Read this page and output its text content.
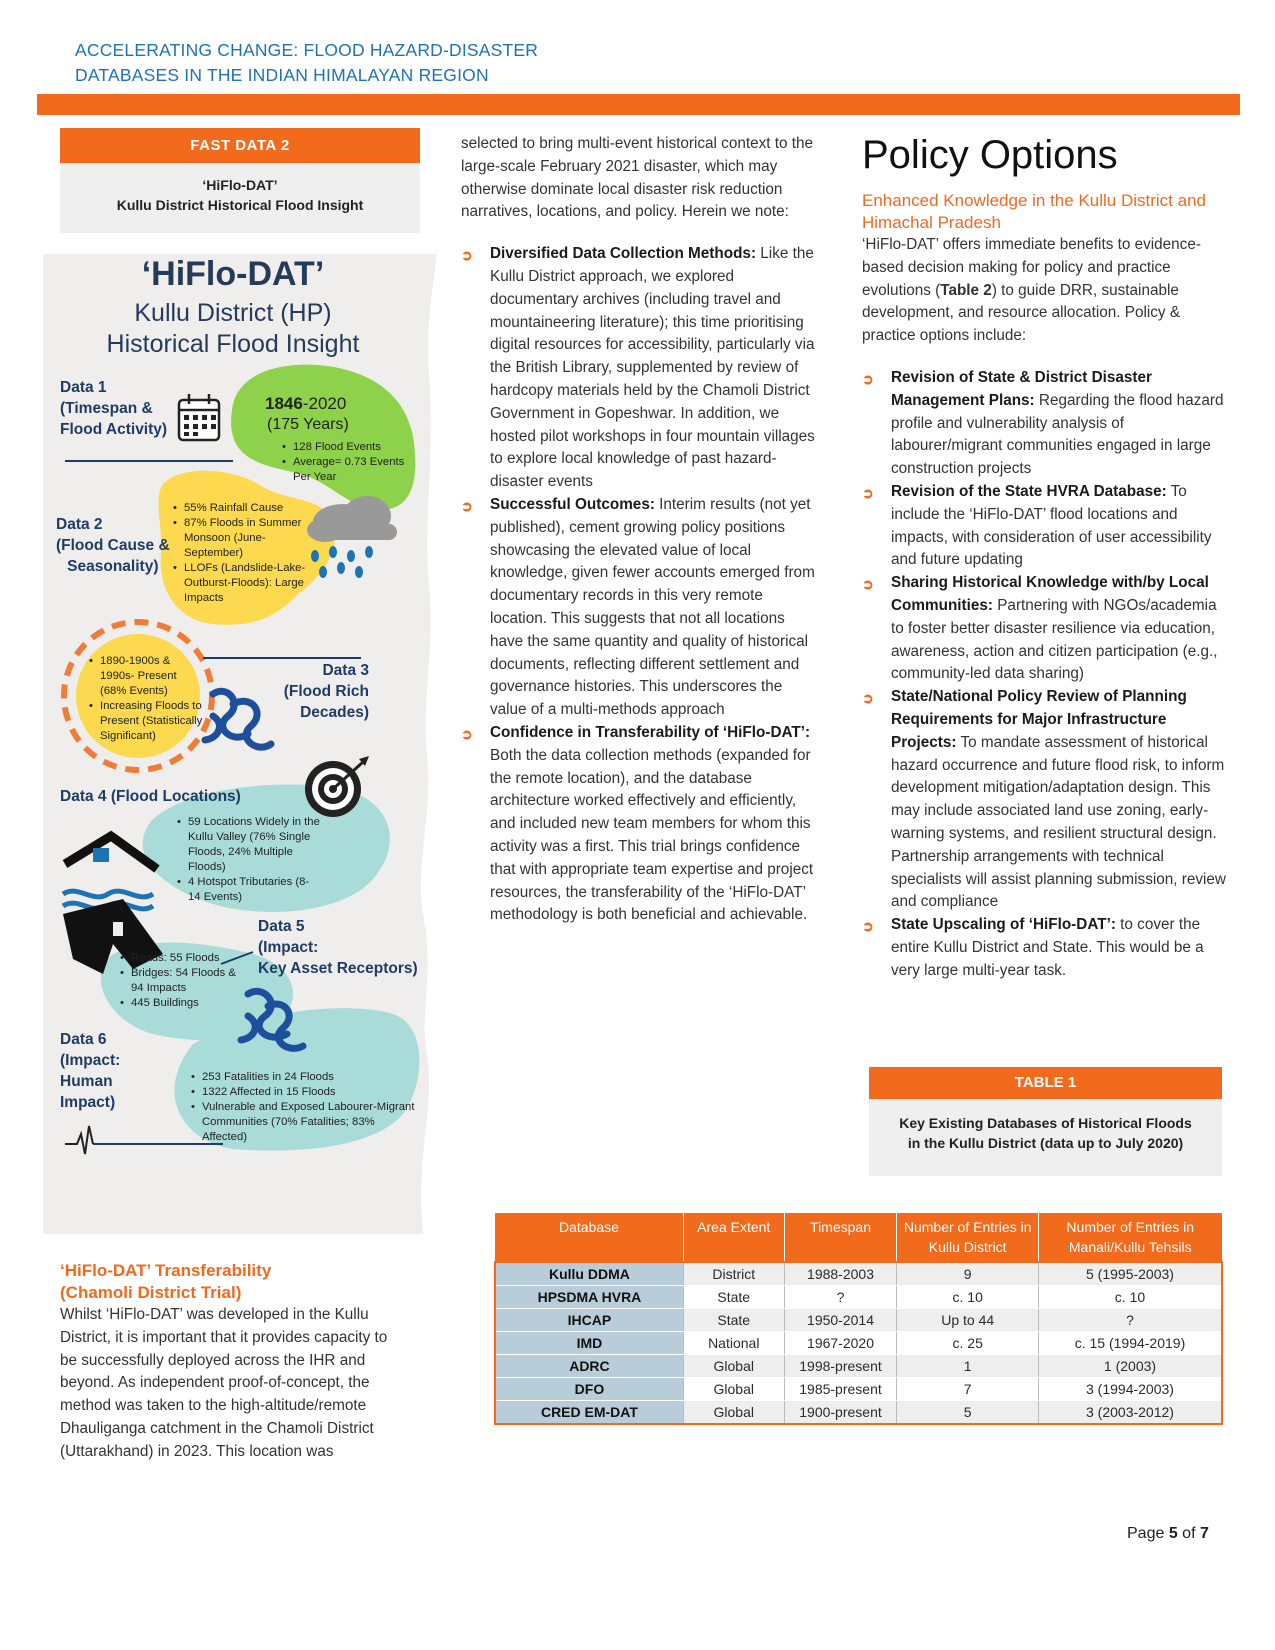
ACCELERATING CHANGE: FLOOD HAZARD-DISASTER
DATABASES IN THE INDIAN HIMALAYAN REGION
FAST DATA 2
‘HiFlo-DAT’
Kullu District Historical Flood Insight
‘HiFlo-DAT’
Kullu District (HP)
Historical Flood Insight
Data 1
(Timespan &
Flood Activity)
1846-2020
(175 Years)
• 128 Flood Events
• Average= 0.73 Events Per Year
Data 2
(Flood Cause &
Seasonality)
• 55% Rainfall Cause
• 87% Floods in Summer Monsoon (June-September)
• LLOFs (Landslide-Lake-Outburst-Floods): Large Impacts
• 1890-1900s & 1990s- Present (68% Events)
• Increasing Floods to Present (Statistically Significant)
Data 3
(Flood Rich
Decades)
Data 4 (Flood Locations)
• 59 Locations Widely in the Kullu Valley (76% Single Floods, 24% Multiple Floods)
• 4 Hotspot Tributaries (8-14 Events)
Data 5
(Impact:
Key Asset Receptors)
• Roads: 55 Floods
• Bridges: 54 Floods & 94 Impacts
• 445 Buildings
Data 6
(Impact:
Human
Impact)
• 253 Fatalities in 24 Floods
• 1322 Affected in 15 Floods
• Vulnerable and Exposed Labourer-Migrant Communities (70% Fatalities; 83% Affected)
‘HiFlo-DAT’ Transferability
(Chamoli District Trial)
Whilst ‘HiFlo-DAT’ was developed in the Kullu District, it is important that it provides capacity to be successfully deployed across the IHR and beyond. As independent proof-of-concept, the method was taken to the high-altitude/remote Dhauliganga catchment in the Chamoli District (Uttarakhand) in 2023. This location was
selected to bring multi-event historical context to the large-scale February 2021 disaster, which may otherwise dominate local disaster risk reduction narratives, locations, and policy. Herein we note:
➲ Diversified Data Collection Methods: Like the Kullu District approach, we explored documentary archives (including travel and mountaineering literature); this time prioritising digital resources for accessibility, particularly via the British Library, supplemented by review of hardcopy materials held by the Chamoli District Government in Gopeshwar. In addition, we hosted pilot workshops in four mountain villages to explore local knowledge of past hazard-disaster events
➲ Successful Outcomes: Interim results (not yet published), cement growing policy positions showcasing the elevated value of local knowledge, given fewer accounts emerged from documentary records in this very remote location. This suggests that not all locations have the same quantity and quality of historical documents, reflecting different settlement and governance histories. This underscores the value of a multi-methods approach
➲ Confidence in Transferability of ‘HiFlo-DAT’: Both the data collection methods (expanded for the remote location), and the database architecture worked effectively and efficiently, and included new team members for whom this activity was a first. This trial brings confidence that with appropriate team expertise and project resources, the transferability of the ‘HiFlo-DAT’ methodology is both beneficial and achievable.
Policy Options
Enhanced Knowledge in the Kullu District and Himachal Pradesh
‘HiFlo-DAT’ offers immediate benefits to evidence-based decision making for policy and practice evolutions (Table 2) to guide DRR, sustainable development, and resource allocation. Policy & practice options include:
➲ Revision of State & District Disaster Management Plans: Regarding the flood hazard profile and vulnerability analysis of labourer/migrant communities engaged in large construction projects
➲ Revision of the State HVRA Database: To include the ‘HiFlo-DAT’ flood locations and impacts, with consideration of user accessibility and future updating
➲ Sharing Historical Knowledge with/by Local Communities: Partnering with NGOs/academia to foster better disaster resilience via education, awareness, action and citizen participation (e.g., community-led data sharing)
➲ State/National Policy Review of Planning Requirements for Major Infrastructure Projects: To mandate assessment of historical hazard occurrence and future flood risk, to inform development mitigation/adaptation design. This may include associated land use zoning, early-warning systems, and resilient structural design. Partnership arrangements with technical specialists will assist planning submission, review and compliance
➲ State Upscaling of ‘HiFlo-DAT’: to cover the entire Kullu District and State. This would be a very large multi-year task.
TABLE 1
Key Existing Databases of Historical Floods
in the Kullu District (data up to July 2020)
Database	Area Extent	Timespan	Number of Entries in Kullu District	Number of Entries in Manali/Kullu Tehsils
Kullu DDMA	District	1988-2003	9	5 (1995-2003)
HPSDMA HVRA	State	?	c. 10	c. 10
IHCAP	State	1950-2014	Up to 44	?
IMD	National	1967-2020	c. 25	c. 15 (1994-2019)
ADRC	Global	1998-present	1	1 (2003)
DFO	Global	1985-present	7	3 (1994-2003)
CRED EM-DAT	Global	1900-present	5	3 (2003-2012)
Page 5 of 7
